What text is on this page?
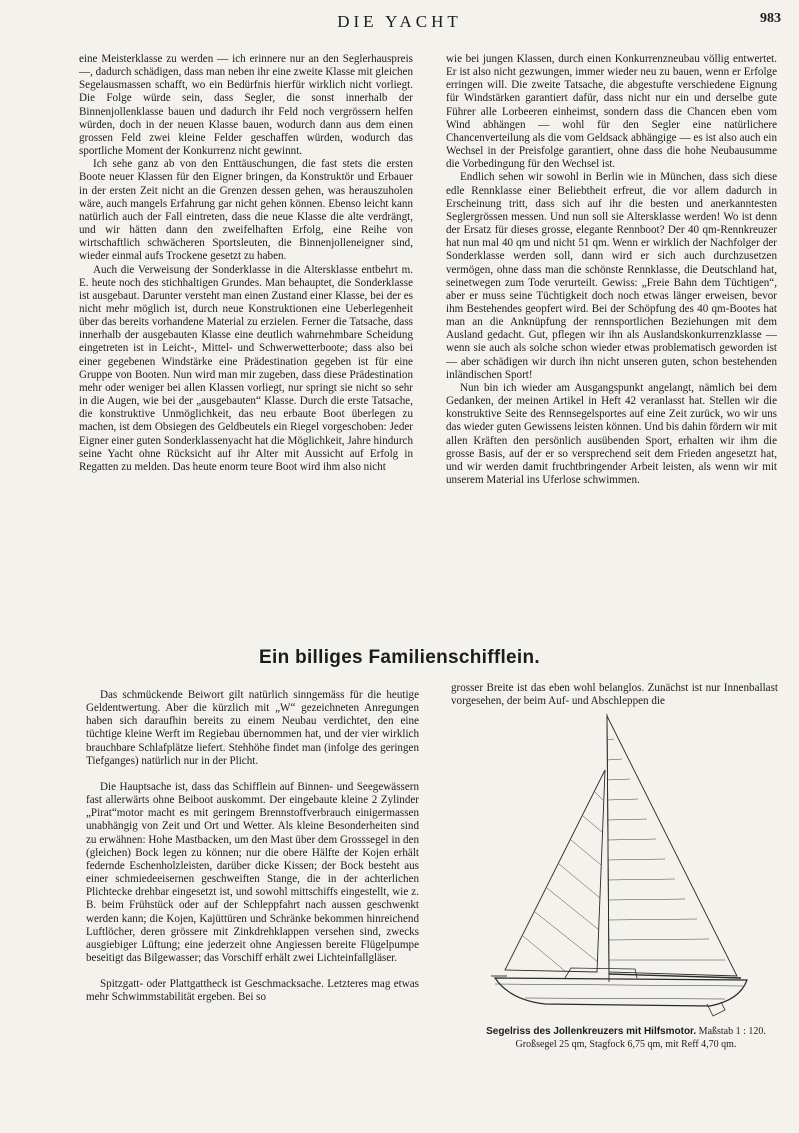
DIE YACHT	983

eine Meisterklasse zu werden — ich erinnere nur an den Seglerhauspreis —, dadurch schädigen, dass man neben ihr eine zweite Klasse mit gleichen Segelausmassen schafft, wo ein Bedürfnis hierfür wirklich nicht vorliegt. Die Folge würde sein, dass Segler, die sonst innerhalb der Binnenjollenklasse bauen und dadurch ihr Feld noch vergrössern helfen würden, doch in der neuen Klasse bauen, wodurch dann aus dem einen grossen Feld zwei kleine Felder geschaffen würden, wodurch das sportliche Moment der Konkurrenz nicht gewinnt.

Ich sehe ganz ab von den Enttäuschungen, die fast stets die ersten Boote neuer Klassen für den Eigner bringen, da Konstruktör und Erbauer in der ersten Zeit nicht an die Grenzen dessen gehen, was herauszuholen wäre, auch mangels Erfahrung gar nicht gehen können. Ebenso leicht kann natürlich auch der Fall eintreten, dass die neue Klasse die alte verdrängt, und wir hätten dann den zweifelhaften Erfolg, eine Reihe von wirtschaftlich schwächeren Sportsleuten, die Binnenjolleneigner sind, wieder einmal aufs Trockene gesetzt zu haben.

Auch die Verweisung der Sonderklasse in die Altersklasse entbehrt m. E. heute noch des stichhaltigen Grundes. Man behauptet, die Sonderklasse ist ausgebaut. Darunter versteht man einen Zustand einer Klasse, bei der es nicht mehr möglich ist, durch neue Konstruktionen eine Ueberlegenheit über das bereits vorhandene Material zu erzielen. Ferner die Tatsache, dass innerhalb der ausgebauten Klasse eine deutlich wahrnehmbare Scheidung eingetreten ist in Leicht-, Mittel- und Schwerwetterboote; dass also bei einer gegebenen Windstärke eine Prädestination gegeben ist für eine Gruppe von Booten. Nun wird man mir zugeben, dass diese Prädestination mehr oder weniger bei allen Klassen vorliegt, nur springt sie nicht so sehr in die Augen, wie bei der „ausgebauten“ Klasse. Durch die erste Tatsache, die konstruktive Unmöglichkeit, das neu erbaute Boot überlegen zu machen, ist dem Obsiegen des Geldbeutels ein Riegel vorgeschoben: Jeder Eigner einer guten Sonderklassenyacht hat die Möglichkeit, Jahre hindurch seine Yacht ohne Rücksicht auf ihr Alter mit Aussicht auf Erfolg in Regatten zu melden. Das heute enorm teure Boot wird ihm also nicht

wie bei jungen Klassen, durch einen Konkurrenzneubau völlig entwertet. Er ist also nicht gezwungen, immer wieder neu zu bauen, wenn er Erfolge erringen will. Die zweite Tatsache, die abgestufte verschiedene Eignung für Windstärken garantiert dafür, dass nicht nur ein und derselbe gute Führer alle Lorbeeren einheimst, sondern dass die Chancen eben vom Wind abhängen — wohl für den Segler eine natürlichere Chancenverteilung als die vom Geldsack abhängige — es ist also auch ein Wechsel in der Preisfolge garantiert, ohne dass die hohe Neubausumme die Vorbedingung für den Wechsel ist.

Endlich sehen wir sowohl in Berlin wie in München, dass sich diese edle Rennklasse einer Beliebtheit erfreut, die vor allem dadurch in Erscheinung tritt, dass sich auf ihr die besten und anerkanntesten Seglergrössen messen. Und nun soll sie Altersklasse werden! Wo ist denn der Ersatz für dieses grosse, elegante Rennboot? Der 40 qm-Rennkreuzer hat nun mal 40 qm und nicht 51 qm. Wenn er wirklich der Nachfolger der Sonderklasse werden soll, dann wird er sich auch durchzusetzen vermögen, ohne dass man die schönste Rennklasse, die Deutschland hat, seinetwegen zum Tode verurteilt. Gewiss: „Freie Bahn dem Tüchtigen“, aber er muss seine Tüchtigkeit doch noch etwas länger erweisen, bevor ihm Bestehendes geopfert wird. Bei der Schöpfung des 40 qm-Bootes hat man an die Anknüpfung der rennsportlichen Beziehungen mit dem Ausland gedacht. Gut, pflegen wir ihn als Auslandskonkurrenzklasse — wenn sie auch als solche schon wieder etwas problematisch geworden ist — aber schädigen wir durch ihn nicht unseren guten, schon bestehenden inländischen Sport!

Nun bin ich wieder am Ausgangspunkt angelangt, nämlich bei dem Gedanken, der meinen Artikel in Heft 42 veranlasst hat. Stellen wir die konstruktive Seite des Rennsegelsportes auf eine Zeit zurück, wo wir uns das wieder guten Gewissens leisten können. Und bis dahin fördern wir mit allen Kräften den persönlich ausübenden Sport, erhalten wir ihm die grosse Basis, auf der er so versprechend seit dem Frieden angesetzt hat, und wir werden damit fruchtbringender Arbeit leisten, als wenn wir mit unserem Material ins Uferlose schwimmen.

Ein billiges Familienschifflein.

Das schmückende Beiwort gilt natürlich sinngemäss für die heutige Geldentwertung. Aber die kürzlich mit „W“ gezeichneten Anregungen haben sich daraufhin bereits zu einem Neubau verdichtet, den eine tüchtige kleine Werft im Regiebau übernommen hat, und der vier wirklich brauchbare Schlafplätze liefert. Stehhöhe findet man (infolge des geringen Tiefganges) natürlich nur in der Plicht.

Die Hauptsache ist, dass das Schifflein auf Binnen- und Seegewässern fast allerwärts ohne Beiboot auskommt. Der eingebaute kleine 2 Zylinder „Pirat“motor macht es mit geringem Brennstoffverbrauch einigermassen unabhängig von Zeit und Ort und Wetter. Als kleine Besonderheiten sind zu erwähnen: Hohe Mastbacken, um den Mast über dem Grosssegel in den (gleichen) Bock legen zu können; nur die obere Hälfte der Kojen erhält federnde Eschenholzleisten, darüber dicke Kissen; der Bock besteht aus einer schmiedeeisernen geschweiften Stange, die in der achterlichen Plichtecke drehbar eingesetzt ist, und sowohl mittschiffs eingestellt, wie z. B. beim Frühstück oder auf der Schleppfahrt nach aussen geschwenkt werden kann; die Kojen, Kajüttüren und Schränke bekommen hinreichend Luftlöcher, deren grössere mit Zinkdrehklappen versehen sind, zwecks ausgiebiger Lüftung; eine jederzeit ohne Angiessen bereite Flügelpumpe beseitigt das Bilgewasser; das Vorschiff erhält zwei Lichteinfallgläser.

Spitzgatt- oder Plattgattheck ist Geschmacksache. Letzteres mag etwas mehr Schwimmstabilität ergeben. Bei so

grosser Breite ist das eben wohl belanglos. Zunächst ist nur Innenballast vorgesehen, der beim Auf- und Abschleppen die

Segelriss des Jollenkreuzers mit Hilfsmotor. Maßstab 1 : 120.
Großsegel 25 qm, Stagfock 6,75 qm, mit Reff 4,70 qm.
